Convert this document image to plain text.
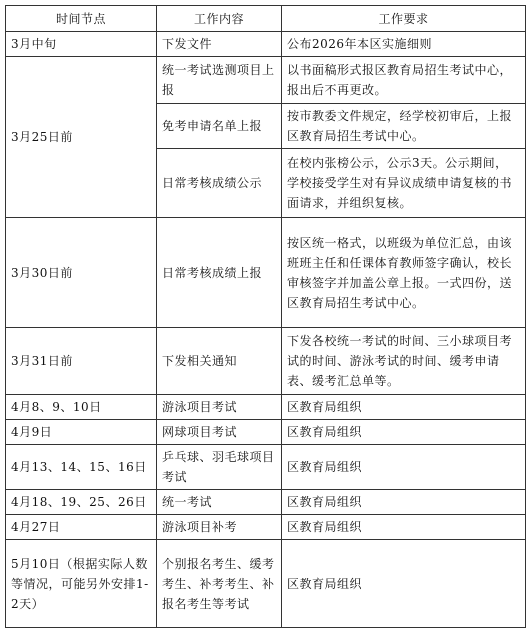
时间节点	工作内容	工作要求
3月中旬	下发文件	公布2026年本区实施细则
3月25日前	统一考试选测项目上报	以书面稿形式报区教育局招生考试中心，报出后不再更改。
	免考申请名单上报	按市教委文件规定，经学校初审后，上报区教育局招生考试中心。
	日常考核成绩公示	在校内张榜公示，公示3天。公示期间，学校接受学生对有异议成绩申请复核的书面请求，并组织复核。
3月30日前	日常考核成绩上报	按区统一格式，以班级为单位汇总，由该班班主任和任课体育教师签字确认，校长审核签字并加盖公章上报。一式四份，送区教育局招生考试中心。
3月31日前	下发相关通知	下发各校统一考试的时间、三小球项目考试的时间、游泳考试的时间、缓考申请表、缓考汇总单等。
4月8、9、10日	游泳项目考试	区教育局组织
4月9日	网球项目考试	区教育局组织
4月13、14、15、16日	乒乓球、羽毛球项目考试	区教育局组织
4月18、19、25、26日	统一考试	区教育局组织
4月27日	游泳项目补考	区教育局组织
5月10日（根据实际人数等情况，可能另外安排1-2天）	个别报名考生、缓考考生、补考考生、补报名考生等考试	区教育局组织
